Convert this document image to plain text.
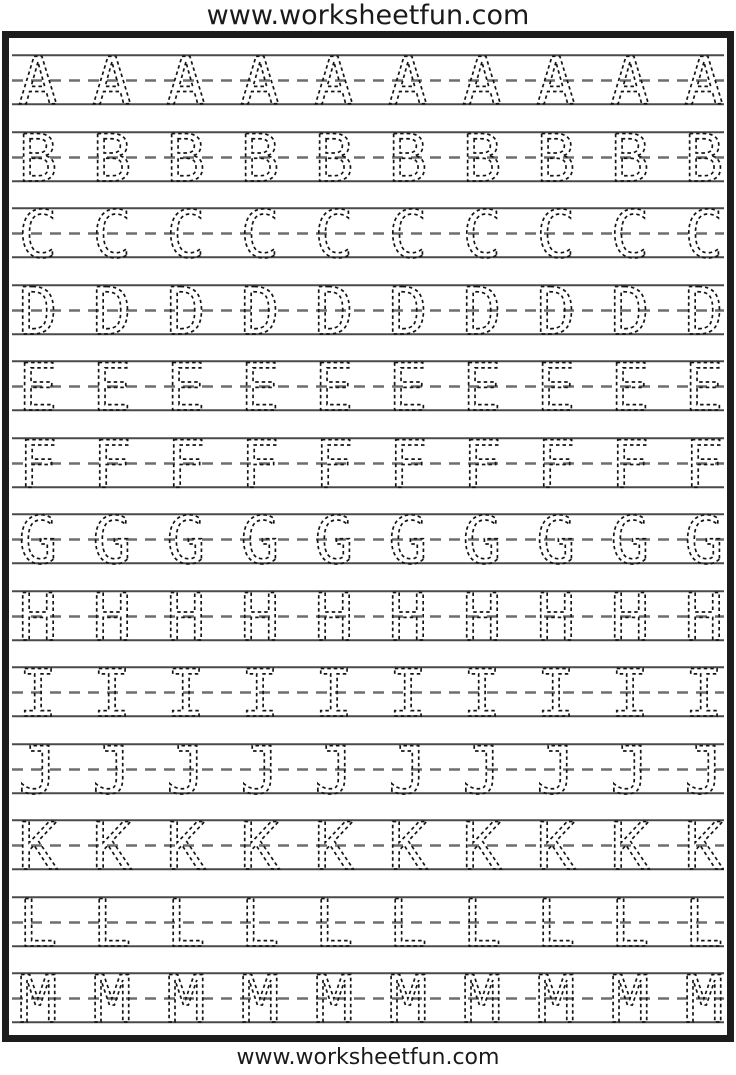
www.worksheetfun.com
A A A A A A A A A A
B B B B B B B B B B
C C C C C C C C C C
D D D D D D D D D D
E E E E E E E E E E
F F F F F F F F F F
G G G G G G G G G G
H H H H H H H H H H
I I I I I I I I I I
J J J J J J J J J J
K K K K K K K K K K
L L L L L L L L L L
M M M M M M M M M M
www.worksheetfun.com
